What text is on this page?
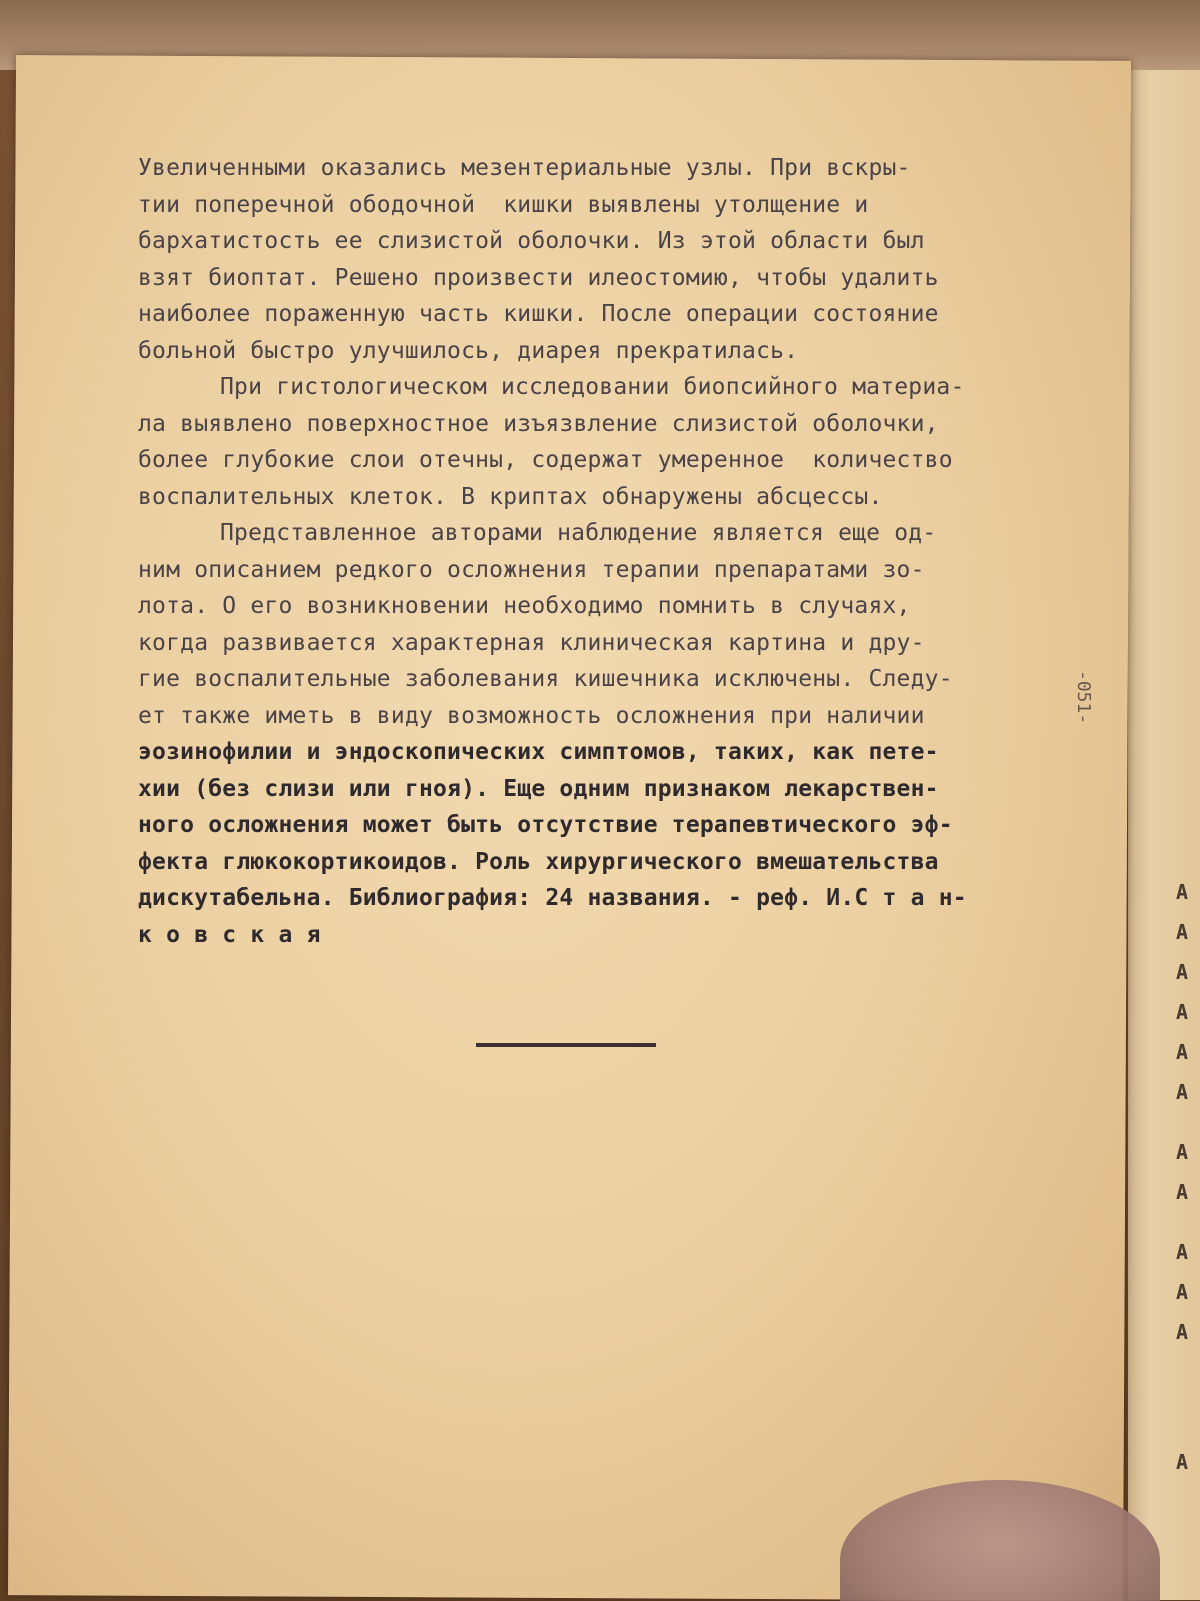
А
А
А
А
А
А
А
А
А
А
А
А
Увеличенными оказались мезентериальные узлы. При вскры-
тии поперечной ободочной  кишки выявлены утолщение и
бархатистость ее слизистой оболочки. Из этой области был
взят биоптат. Решено произвести илеостомию, чтобы удалить
наиболее пораженную часть кишки. После операции состояние
больной быстро улучшилось, диарея прекратилась.
При гистологическом исследовании биопсийного материа-
ла выявлено поверхностное изъязвление слизистой оболочки,
более глубокие слои отечны, содержат умеренное  количество
воспалительных клеток. В криптах обнаружены абсцессы.
Представленное авторами наблюдение является еще од-
ним описанием редкого осложнения терапии препаратами зо-
лота. О его возникновении необходимо помнить в случаях,
когда развивается характерная клиническая картина и дру-
гие воспалительные заболевания кишечника исключены. Следу-
ет также иметь в виду возможность осложнения при наличии
эозинофилии и эндоскопических симптомов, таких, как пете-
хии (без слизи или гноя). Еще одним признаком лекарствен-
ного осложнения может быть отсутствие терапевтического эф-
фекта глюкокортикоидов. Роль хирургического вмешательства
дискутабельна. Библиография: 24 названия. - реф. И.С т а н-
к о в с к а я
-051-
